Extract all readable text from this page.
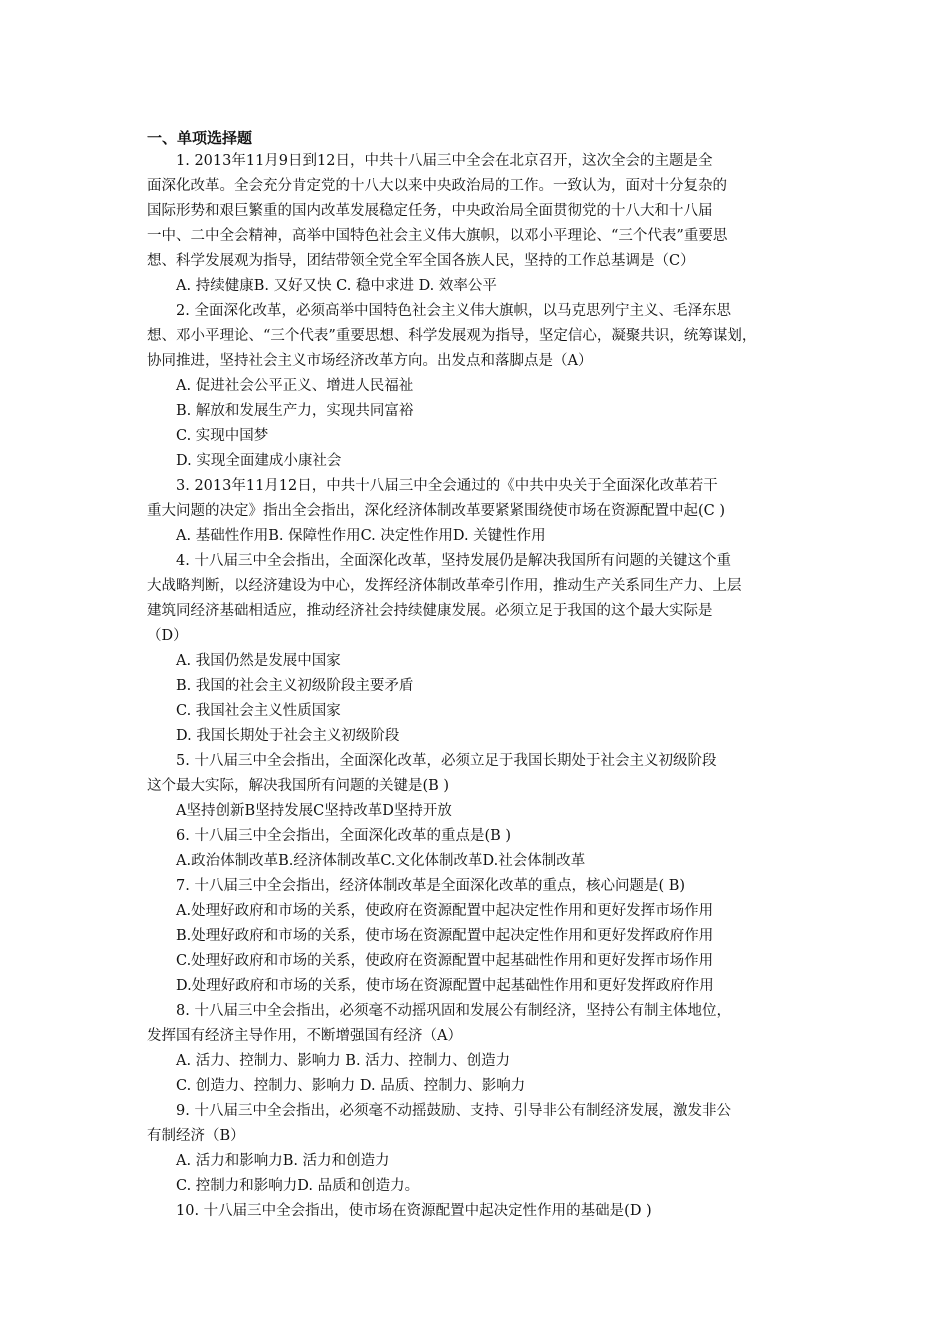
一、单项选择题
1. 2013年11月9日到12日，中共十八届三中全会在北京召开，这次全会的主题是全
面深化改革。全会充分肯定党的十八大以来中央政治局的工作。一致认为，面对十分复杂的
国际形势和艰巨繁重的国内改革发展稳定任务，中央政治局全面贯彻党的十八大和十八届
一中、二中全会精神，高举中国特色社会主义伟大旗帜，以邓小平理论、“三个代表”重要思
想、科学发展观为指导，团结带领全党全军全国各族人民，坚持的工作总基调是（C）
A. 持续健康B. 又好又快 C. 稳中求进 D. 效率公平
2. 全面深化改革，必须高举中国特色社会主义伟大旗帜，以马克思列宁主义、毛泽东思
想、邓小平理论、“三个代表”重要思想、科学发展观为指导，坚定信心，凝聚共识，统筹谋划，
协同推进，坚持社会主义市场经济改革方向。出发点和落脚点是（A）
A. 促进社会公平正义、增进人民福祉
B. 解放和发展生产力，实现共同富裕
C. 实现中国梦
D. 实现全面建成小康社会
3. 2013年11月12日，中共十八届三中全会通过的《中共中央关于全面深化改革若干
重大问题的决定》指出全会指出，深化经济体制改革要紧紧围绕使市场在资源配置中起(C )
A. 基础性作用B. 保障性作用C. 决定性作用D. 关键性作用
4. 十八届三中全会指出，全面深化改革，坚持发展仍是解决我国所有问题的关键这个重
大战略判断，以经济建设为中心，发挥经济体制改革牵引作用，推动生产关系同生产力、上层
建筑同经济基础相适应，推动经济社会持续健康发展。必须立足于我国的这个最大实际是
（D）
A. 我国仍然是发展中国家
B. 我国的社会主义初级阶段主要矛盾
C. 我国社会主义性质国家
D. 我国长期处于社会主义初级阶段
5. 十八届三中全会指出，全面深化改革，必须立足于我国长期处于社会主义初级阶段
这个最大实际，解决我国所有问题的关键是(B )
A坚持创新B坚持发展C坚持改革D坚持开放
6. 十八届三中全会指出，全面深化改革的重点是(B )
A.政治体制改革B.经济体制改革C.文化体制改革D.社会体制改革
7. 十八届三中全会指出，经济体制改革是全面深化改革的重点，核心问题是( B)
A.处理好政府和市场的关系，使政府在资源配置中起决定性作用和更好发挥市场作用
B.处理好政府和市场的关系，使市场在资源配置中起决定性作用和更好发挥政府作用
C.处理好政府和市场的关系，使政府在资源配置中起基础性作用和更好发挥市场作用
D.处理好政府和市场的关系，使市场在资源配置中起基础性作用和更好发挥政府作用
8. 十八届三中全会指出，必须毫不动摇巩固和发展公有制经济，坚持公有制主体地位，
发挥国有经济主导作用，不断增强国有经济（A）
A. 活力、控制力、影响力 B. 活力、控制力、创造力
C. 创造力、控制力、影响力 D. 品质、控制力、影响力
9. 十八届三中全会指出，必须毫不动摇鼓励、支持、引导非公有制经济发展，激发非公
有制经济（B）
A. 活力和影响力B. 活力和创造力
C. 控制力和影响力D. 品质和创造力。
10. 十八届三中全会指出，使市场在资源配置中起决定性作用的基础是(D )
